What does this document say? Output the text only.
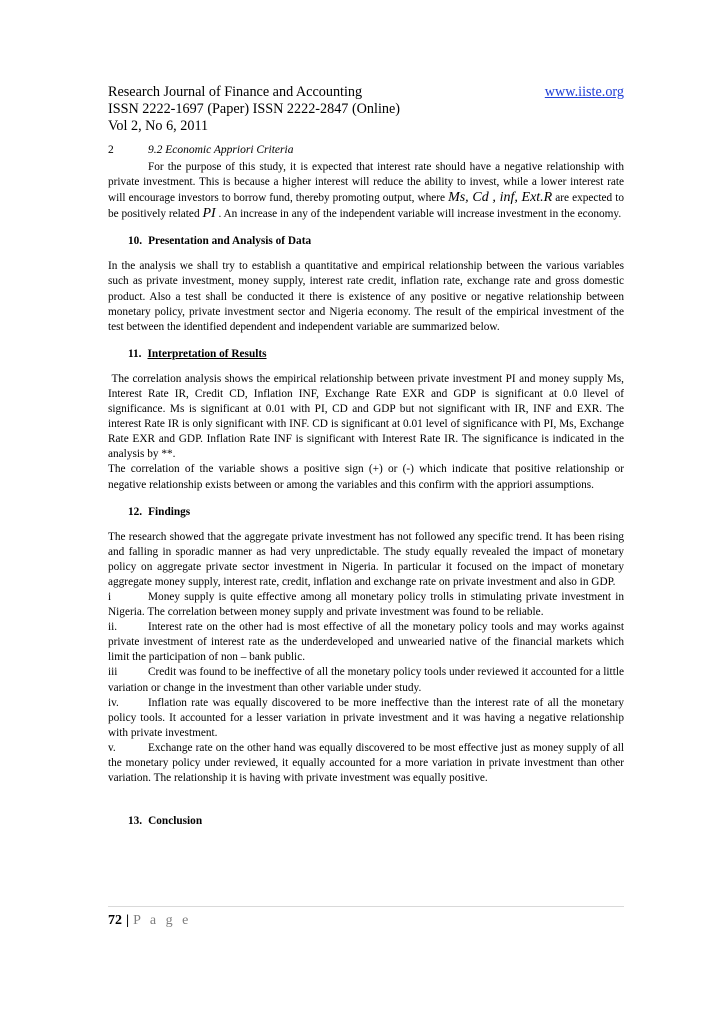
Research Journal of Finance and Accounting	www.iiste.org
ISSN 2222-1697 (Paper) ISSN 2222-2847 (Online)
Vol 2, No 6, 2011
2	9.2 Economic Appriori Criteria

For the purpose of this study, it is expected that interest rate should have a negative relationship with private investment. This is because a higher interest will reduce the ability to invest, while a lower interest rate will encourage investors to borrow fund, thereby promoting output, where Ms, Cd , inf, Ext.R are expected to be positively related PI . An increase in any of the independent variable will increase investment in the economy.

10. Presentation and Analysis of Data

In the analysis we shall try to establish a quantitative and empirical relationship between the various variables such as private investment, money supply, interest rate credit, inflation rate, exchange rate and gross domestic product. Also a test shall be conducted it there is existence of any positive or negative relationship between monetary policy, private investment sector and Nigeria economy. The result of the empirical investment of the test between the identified dependent and independent variable are summarized below.

11. Interpretation of Results

The correlation analysis shows the empirical relationship between private investment PI and money supply Ms, Interest Rate IR, Credit CD, Inflation INF, Exchange Rate EXR and GDP is significant at 0.0 llevel of significance. Ms is significant at 0.01 with PI, CD and GDP but not significant with IR, INF and EXR. The interest Rate IR is only significant with INF. CD is significant at 0.01 level of significance with PI, Ms, Exchange Rate EXR and GDP. Inflation Rate INF is significant with Interest Rate IR. The significance is indicated in the analysis by **.

The correlation of the variable shows a positive sign (+) or (-) which indicate that positive relationship or negative relationship exists between or among the variables and this confirm with the appriori assumptions.

12. Findings

The research showed that the aggregate private investment has not followed any specific trend. It has been rising and falling in sporadic manner as had very unpredictable. The study equally revealed the impact of monetary policy on aggregate private sector investment in Nigeria. In particular it focused on the impact of monetary aggregate money supply, interest rate, credit, inflation and exchange rate on private investment and also in GDP.

i	Money supply is quite effective among all monetary policy trolls in stimulating private investment in Nigeria. The correlation between money supply and private investment was found to be reliable.

ii.	Interest rate on the other had is most effective of all the monetary policy tools and may works against private investment of interest rate as the underdeveloped and unwearied native of the financial markets which limit the participation of non – bank public.

iii	Credit was found to be ineffective of all the monetary policy tools under reviewed it accounted for a little variation or change in the investment than other variable under study.

iv.	Inflation rate was equally discovered to be more ineffective than the interest rate of all the monetary policy tools. It accounted for a lesser variation in private investment and it was having a negative relationship with private investment.

v.	Exchange rate on the other hand was equally discovered to be most effective just as money supply of all the monetary policy under reviewed, it equally accounted for a more variation in private investment than other variation. The relationship it is having with private investment was equally positive.

13. Conclusion
72 | P a g e
